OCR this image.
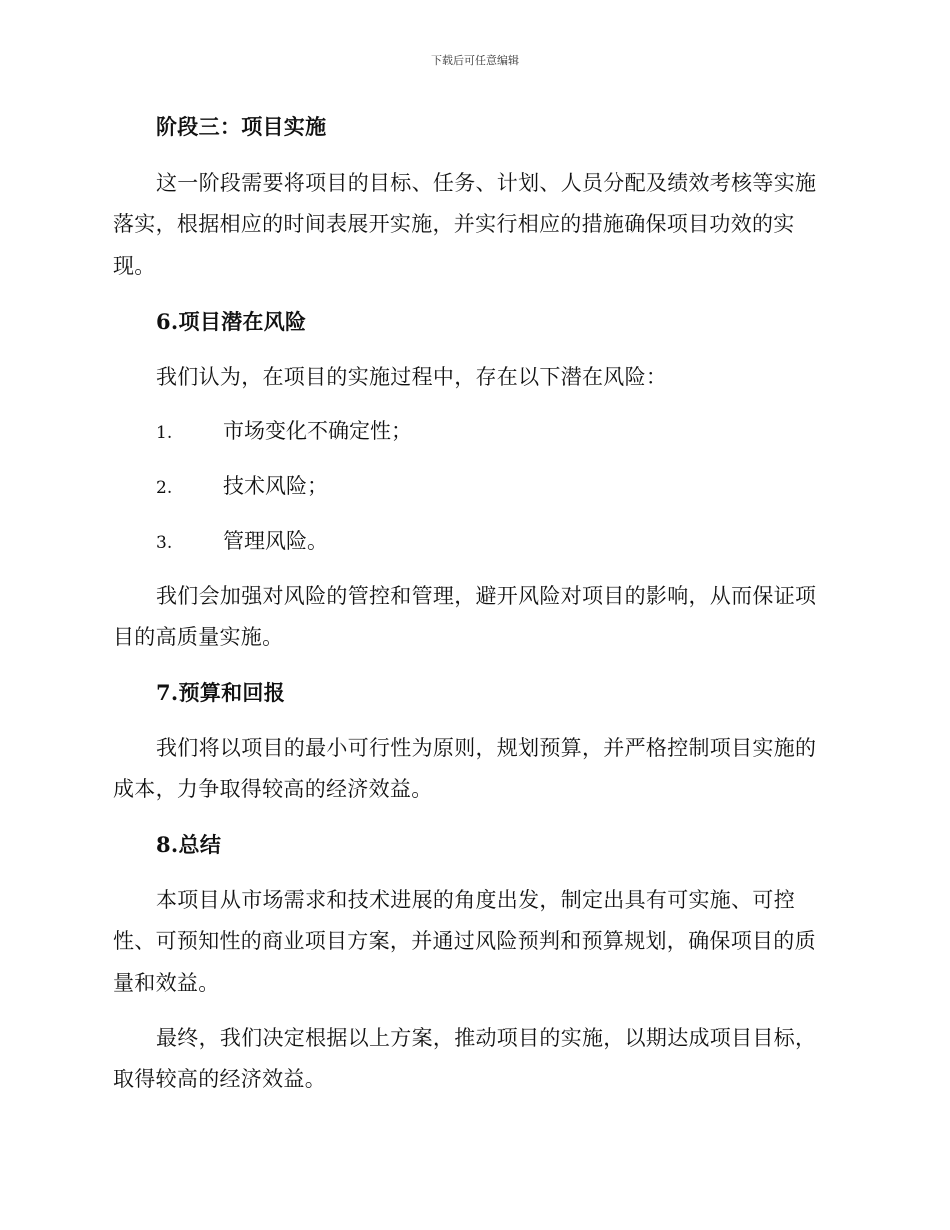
下载后可任意编辑
阶段三：项目实施
这一阶段需要将项目的目标、任务、计划、人员分配及绩效考核等实施
落实，根据相应的时间表展开实施，并实行相应的措施确保项目功效的实
现。
6.项目潜在风险
我们认为，在项目的实施过程中，存在以下潜在风险：
1. 市场变化不确定性；
2. 技术风险；
3. 管理风险。
我们会加强对风险的管控和管理，避开风险对项目的影响，从而保证项
目的高质量实施。
7.预算和回报
我们将以项目的最小可行性为原则，规划预算，并严格控制项目实施的
成本，力争取得较高的经济效益。
8.总结
本项目从市场需求和技术进展的角度出发，制定出具有可实施、可控
性、可预知性的商业项目方案，并通过风险预判和预算规划，确保项目的质
量和效益。
最终，我们决定根据以上方案，推动项目的实施，以期达成项目目标，
取得较高的经济效益。
